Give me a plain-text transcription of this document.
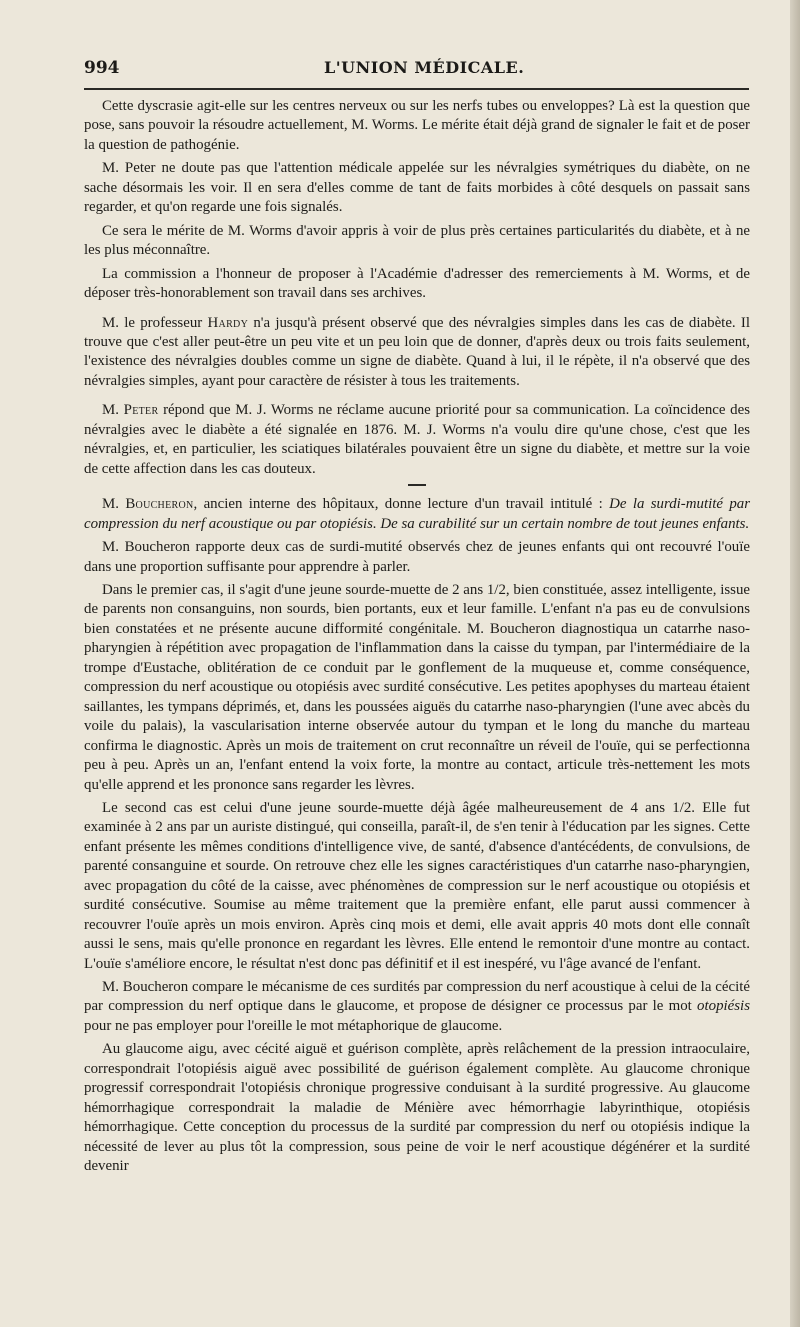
994	L'UNION MÉDICALE.

Cette dyscrasie agit-elle sur les centres nerveux ou sur les nerfs tubes ou enveloppes? Là est la question que pose, sans pouvoir la résoudre actuellement, M. Worms. Le mérite était déjà grand de signaler le fait et de poser la question de pathogénie.

M. Peter ne doute pas que l'attention médicale appelée sur les névralgies symétriques du diabète, on ne sache désormais les voir. Il en sera d'elles comme de tant de faits morbides à côté desquels on passait sans regarder, et qu'on regarde une fois signalés.

Ce sera le mérite de M. Worms d'avoir appris à voir de plus près certaines particularités du diabète, et à ne les plus méconnaître.

La commission a l'honneur de proposer à l'Académie d'adresser des remerciements à M. Worms, et de déposer très-honorablement son travail dans ses archives.

M. le professeur Hardy n'a jusqu'à présent observé que des névralgies simples dans les cas de diabète. Il trouve que c'est aller peut-être un peu vite et un peu loin que de donner, d'après deux ou trois faits seulement, l'existence des névralgies doubles comme un signe de diabète. Quand à lui, il le répète, il n'a observé que des névralgies simples, ayant pour caractère de résister à tous les traitements.

M. Peter répond que M. J. Worms ne réclame aucune priorité pour sa communication. La coïncidence des névralgies avec le diabète a été signalée en 1876. M. J. Worms n'a voulu dire qu'une chose, c'est que les névralgies, et, en particulier, les sciatiques bilatérales pouvaient être un signe du diabète, et mettre sur la voie de cette affection dans les cas douteux.

M. Boucheron, ancien interne des hôpitaux, donne lecture d'un travail intitulé : De la surdi-mutité par compression du nerf acoustique ou par otopiésis. De sa curabilité sur un certain nombre de tout jeunes enfants.

M. Boucheron rapporte deux cas de surdi-mutité observés chez de jeunes enfants qui ont recouvré l'ouïe dans une proportion suffisante pour apprendre à parler.

Dans le premier cas, il s'agit d'une jeune sourde-muette de 2 ans 1/2, bien constituée, assez intelligente, issue de parents non consanguins, non sourds, bien portants, eux et leur famille. L'enfant n'a pas eu de convulsions bien constatées et ne présente aucune difformité congénitale. M. Boucheron diagnostiqua un catarrhe naso-pharyngien à répétition avec propagation de l'inflammation dans la caisse du tympan, par l'intermédiaire de la trompe d'Eustache, oblitération de ce conduit par le gonflement de la muqueuse et, comme conséquence, compression du nerf acoustique ou otopiésis avec surdité consécutive. Les petites apophyses du marteau étaient saillantes, les tympans déprimés, et, dans les poussées aiguës du catarrhe naso-pharyngien (l'une avec abcès du voile du palais), la vascularisation interne observée autour du tympan et le long du manche du marteau confirma le diagnostic. Après un mois de traitement on crut reconnaître un réveil de l'ouïe, qui se perfectionna peu à peu. Après un an, l'enfant entend la voix forte, la montre au contact, articule très-nettement les mots qu'elle apprend et les prononce sans regarder les lèvres.

Le second cas est celui d'une jeune sourde-muette déjà âgée malheureusement de 4 ans 1/2. Elle fut examinée à 2 ans par un auriste distingué, qui conseilla, paraît-il, de s'en tenir à l'éducation par les signes. Cette enfant présente les mêmes conditions d'intelligence vive, de santé, d'absence d'antécédents, de convulsions, de parenté consanguine et sourde. On retrouve chez elle les signes caractéristiques d'un catarrhe naso-pharyngien, avec propagation du côté de la caisse, avec phénomènes de compression sur le nerf acoustique ou otopiésis et surdité consécutive. Soumise au même traitement que la première enfant, elle parut aussi commencer à recouvrer l'ouïe après un mois environ. Après cinq mois et demi, elle avait appris 40 mots dont elle connaît aussi le sens, mais qu'elle prononce en regardant les lèvres. Elle entend le remontoir d'une montre au contact. L'ouïe s'améliore encore, le résultat n'est donc pas définitif et il est inespéré, vu l'âge avancé de l'enfant.

M. Boucheron compare le mécanisme de ces surdités par compression du nerf acoustique à celui de la cécité par compression du nerf optique dans le glaucome, et propose de désigner ce processus par le mot otopiésis pour ne pas employer pour l'oreille le mot métaphorique de glaucome.

Au glaucome aigu, avec cécité aiguë et guérison complète, après relâchement de la pression intraoculaire, correspondrait l'otopiésis aiguë avec possibilité de guérison également complète. Au glaucome chronique progressif correspondrait l'otopiésis chronique progressive conduisant à la surdité progressive. Au glaucome hémorrhagique correspondrait la maladie de Ménière avec hémorrhagie labyrinthique, otopiésis hémorrhagique. Cette conception du processus de la surdité par compression du nerf ou otopiésis indique la nécessité de lever au plus tôt la compression, sous peine de voir le nerf acoustique dégénérer et la surdité devenir
